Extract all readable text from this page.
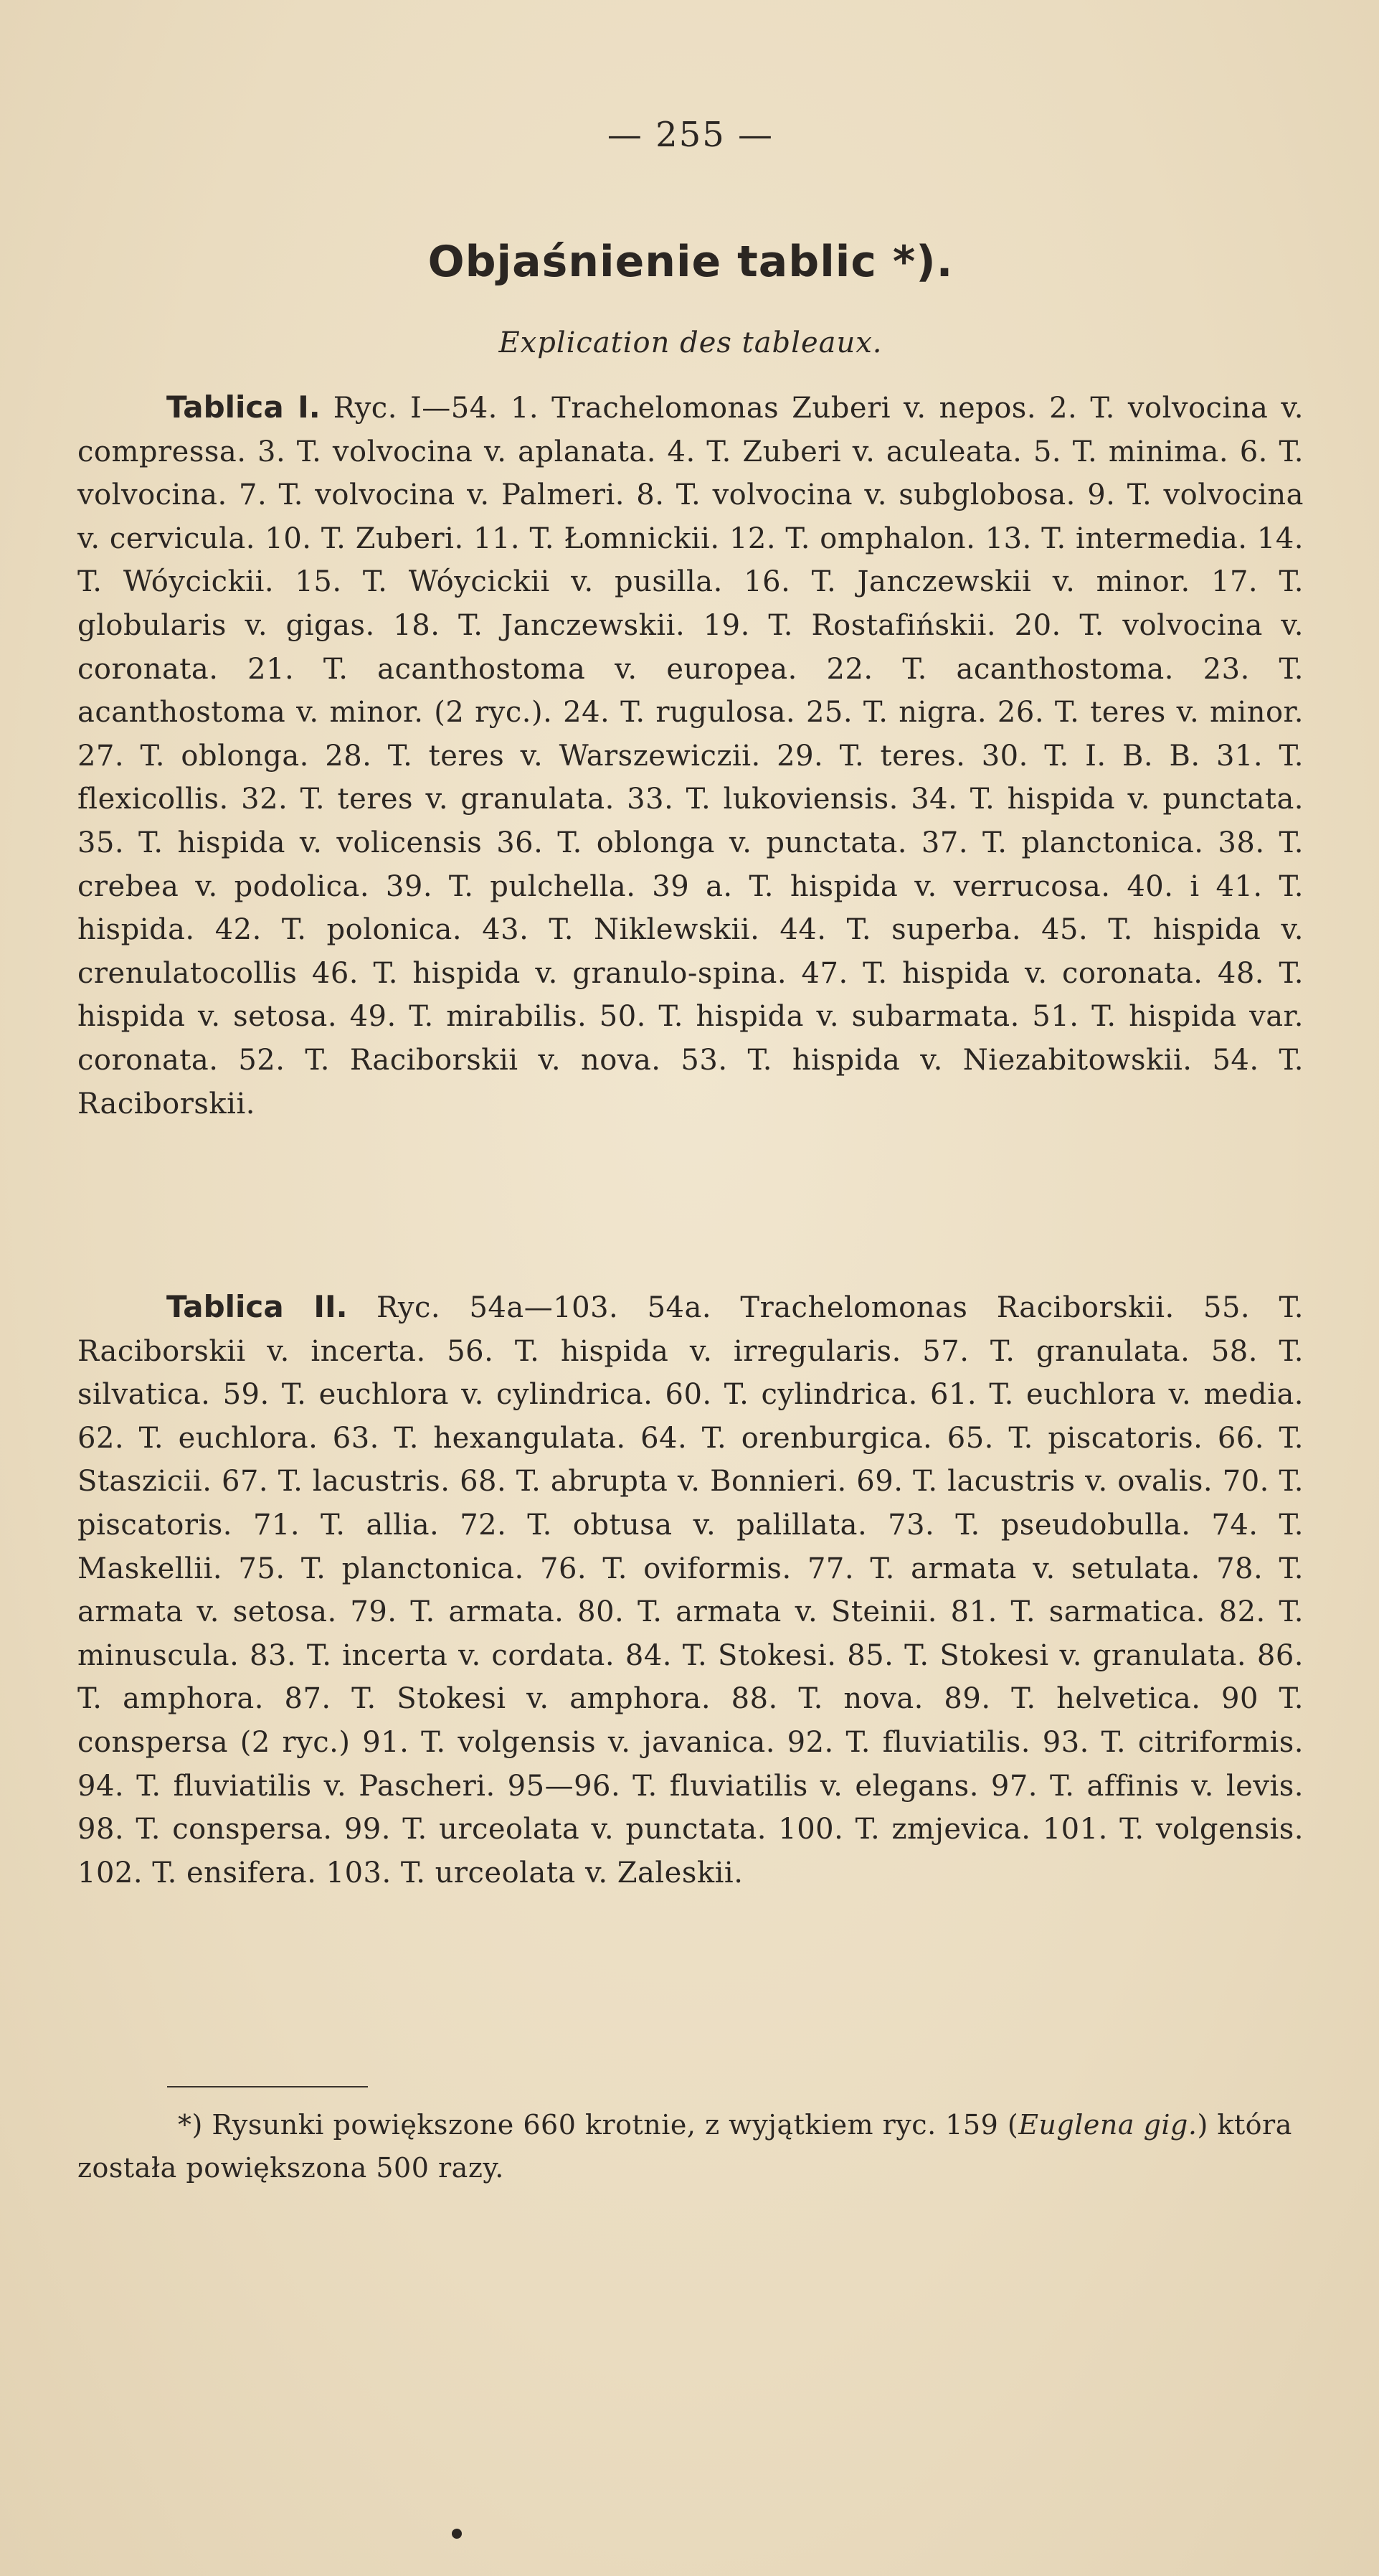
— 255 —
Objaśnienie tablic *).
Explication des tableaux.

Tablica I. Ryc. I—54. 1. Trachelomonas Zuberi v. nepos. 2. T. volvocina v. compressa. 3. T. volvocina v. aplanata. 4. T. Zuberi v. aculeata. 5. T. minima. 6. T. volvocina. 7. T. volvocina v. Palmeri. 8. T. volvocina v. subglobosa. 9. T. volvocina v. cervicula. 10. T. Zuberi. 11. T. Łomnickii. 12. T. omphalon. 13. T. intermedia. 14. T. Wóycickii. 15. T. Wóycickii v. pusilla. 16. T. Janczewskii v. minor. 17. T. globularis v. gigas. 18. T. Janczewskii. 19. T. Rostafińskii. 20. T. volvocina v. coronata. 21. T. acanthostoma v. europea. 22. T. acanthostoma. 23. T. acanthostoma v. minor. (2 ryc.). 24. T. rugulosa. 25. T. nigra. 26. T. teres v. minor. 27. T. oblonga. 28. T. teres v. Warszewiczii. 29. T. teres. 30. T. I. B. B. 31. T. flexicollis. 32. T. teres v. granulata. 33. T. lukoviensis. 34. T. hispida v. punctata. 35. T. hispida v. volicensis 36. T. oblonga v. punctata. 37. T. planctonica. 38. T. crebea v. podolica. 39. T. pulchella. 39 a. T. hispida v. verrucosa. 40. i 41. T. hispida. 42. T. polonica. 43. T. Niklewskii. 44. T. superba. 45. T. hispida v. crenulatocollis 46. T. hispida v. granulo-spina. 47. T. hispida v. coronata. 48. T. hispida v. setosa. 49. T. mirabilis. 50. T. hispida v. subarmata. 51. T. hispida var. coronata. 52. T. Raciborskii v. nova. 53. T. hispida v. Niezabitowskii. 54. T. Raciborskii.

Tablica II. Ryc. 54a—103. 54a. Trachelomonas Raciborskii. 55. T. Raciborskii v. incerta. 56. T. hispida v. irregularis. 57. T. granulata. 58. T. silvatica. 59. T. euchlora v. cylindrica. 60. T. cylindrica. 61. T. euchlora v. media. 62. T. euchlora. 63. T. hexangulata. 64. T. orenburgica. 65. T. piscatoris. 66. T. Staszicii. 67. T. lacustris. 68. T. abrupta v. Bonnieri. 69. T. lacustris v. ovalis. 70. T. piscatoris. 71. T. allia. 72. T. obtusa v. palillata. 73. T. pseudobulla. 74. T. Maskellii. 75. T. planctonica. 76. T. oviformis. 77. T. armata v. setulata. 78. T. armata v. setosa. 79. T. armata. 80. T. armata v. Steinii. 81. T. sarmatica. 82. T. minuscula. 83. T. incerta v. cordata. 84. T. Stokesi. 85. T. Stokesi v. granulata. 86. T. amphora. 87. T. Stokesi v. amphora. 88. T. nova. 89. T. helvetica. 90 T. conspersa (2 ryc.) 91. T. volgensis v. javanica. 92. T. fluviatilis. 93. T. citriformis. 94. T. fluviatilis v. Pascheri. 95—96. T. fluviatilis v. elegans. 97. T. affinis v. levis. 98. T. conspersa. 99. T. urceolata v. punctata. 100. T. zmjevica. 101. T. volgensis. 102. T. ensifera. 103. T. urceolata v. Zaleskii.

*) Rysunki powiększone 660 krotnie, z wyjątkiem ryc. 159 (Euglena gig.) która została powiększona 500 razy.
